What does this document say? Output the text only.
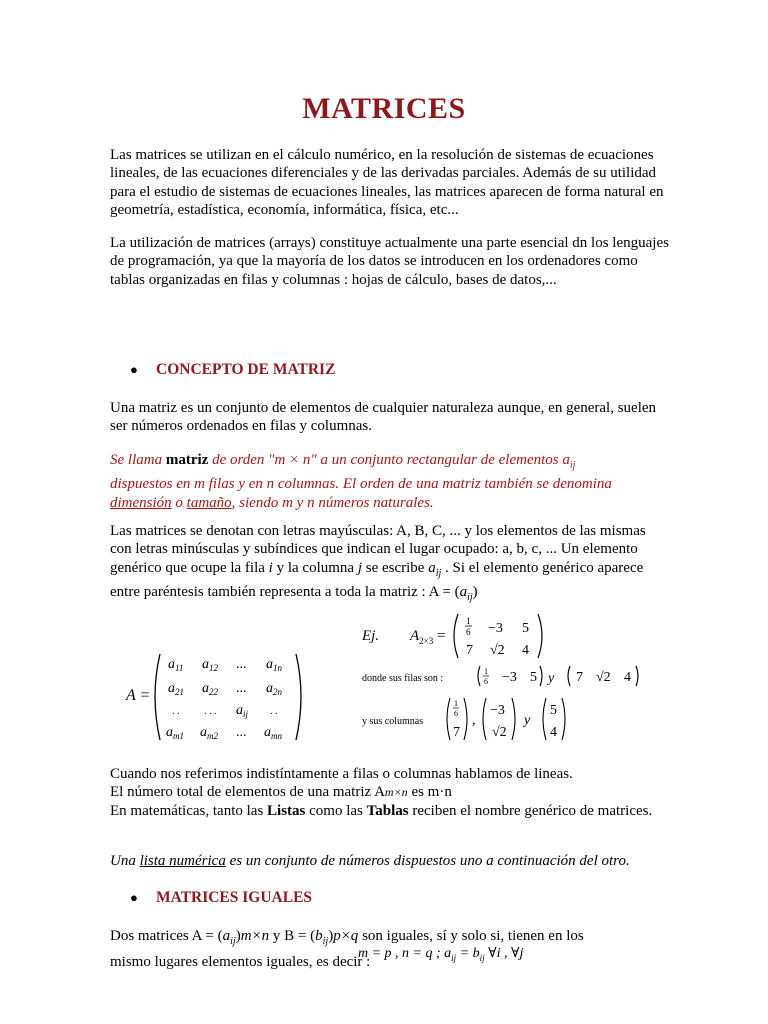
MATRICES
Las matrices se utilizan en el cálculo numérico, en la resolución de sistemas de ecuaciones lineales, de las ecuaciones diferenciales y de las derivadas parciales. Además de su utilidad para el estudio de sistemas de ecuaciones lineales, las matrices aparecen de forma natural en geometría, estadística, economía, informática, física, etc...
La utilización de matrices (arrays) constituye actualmente una parte esencial dn los lenguajes de programación, ya que la mayoría de los datos se introducen en los ordenadores como tablas organizadas en filas y columnas : hojas de cálculo, bases de datos,...
● CONCEPTO DE MATRIZ
Una matriz es un conjunto de elementos de cualquier naturaleza aunque, en general, suelen ser números ordenados en filas y columnas.
Se llama matriz de orden "m × n" a un conjunto rectangular de elementos $a_{ij}$
dispuestos en m filas y en n columnas. El orden de una matriz también se denomina dimensión o tamaño, siendo m y n números naturales.
Las matrices se denotan con letras mayúsculas: A, B, C, ... y los elementos de las mismas con letras minúsculas y subíndices que indican el lugar ocupado: a, b, c, ... Un elemento genérico que ocupe la fila i y la columna j se escribe $a_{ij}$ . Si el elemento genérico aparece entre paréntesis también representa a toda la matriz : $A = (a_{ij})$
A =
$a_{11}$ $a_{12}$ ... $a_{1n}$
$a_{21}$ $a_{22}$ ... $a_{2n}$
. . . . . $a_{ij}$ . .
$a_{m1}$ $a_{m2}$ ... $a_{mn}$
Ej. $A_{2\times 3}$ =
1
6 −3 5
7 √2 4
donde sus filas son :
1
6 −3 5 y 7 √2 4
y sus columnas
1
6
7
,
−3
√2
y
5
4
Cuando nos referimos indistíntamente a filas o columnas hablamos de lineas.
El número total de elementos de una matriz Am×n es m·n
En matemáticas, tanto las Listas como las Tablas reciben el nombre genérico de matrices.
Una lista numérica es un conjunto de números dispuestos uno a continuación del otro.
● MATRICES IGUALES
Dos matrices $A = (a_{ij})m\times n$ y $B = (b_{ij})p\times q$ son iguales, sí y solo si, tienen en los
mismo lugares elementos iguales, es decir :
m = p , n = q ; $a_{ij} = b_{ij}$ ∀i , ∀j
